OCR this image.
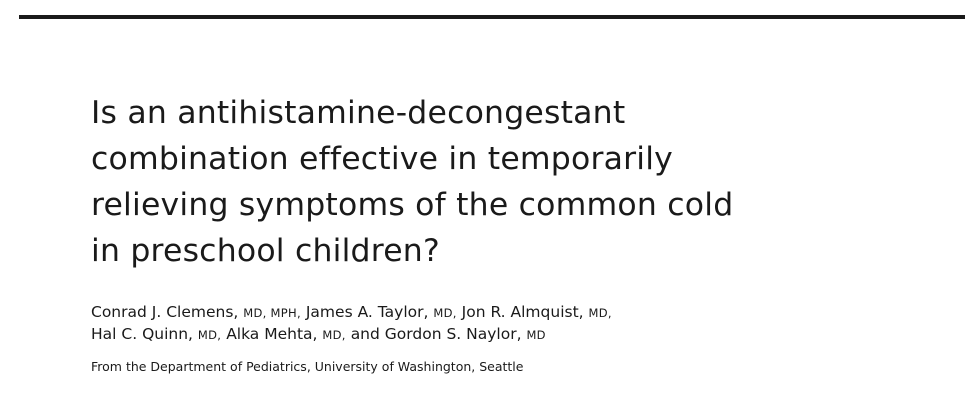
Is an antihistamine-decongestant
combination effective in temporarily
relieving symptoms of the common cold
in preschool children?
Conrad J. Clemens, MD, MPH, James A. Taylor, MD, Jon R. Almquist, MD,
Hal C. Quinn, MD, Alka Mehta, MD, and Gordon S. Naylor, MD
From the Department of Pediatrics, University of Washington, Seattle
